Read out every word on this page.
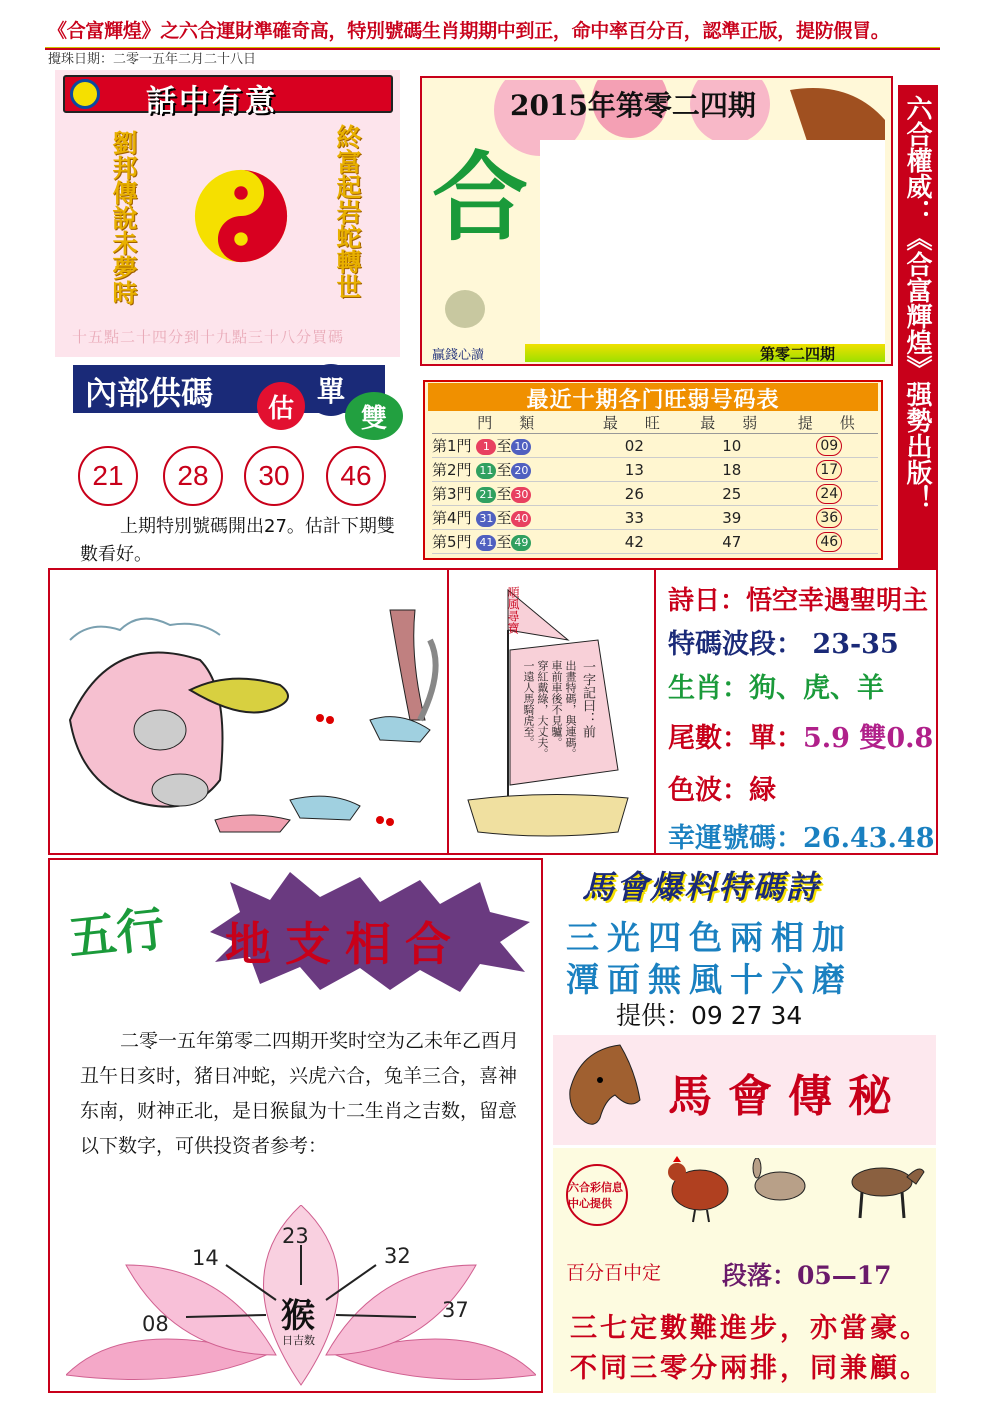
《合富輝煌》之六合運財準確奇高，特別號碼生肖期期中到正，命中率百分百，認準正版，提防假冒。
攪珠日期：二零一五年二月二十八日
話中有意
劉邦傳說未夢時	終富起岩蛇轉世
十五點二十四分到十九點三十八分買碼
內部供碼	估
單
雙
21	28	30	46
上期特別號碼開出27。估計下期雙數看好。
2015年第零二四期
合
贏錢心讀	第零二四期	六合權威：《合富輝煌》强勢出版！
最近十期各门旺弱号码表
門　類	最　旺	最　弱	提　供
第1門 1 至 10	02	10	09
第2門 11 至 20	13	18	17
第3門 21 至 30	26	25	24
第4門 31 至 40	33	39	36
第5門 41 至 49	42	47	46
順風尋寶
一字記曰：前
出畫特碼，與連碼。
車前車後不見驢。
穿紅戴綠，大丈夫。
一遠人馬騎虎至。
詩日：悟空幸遇聖明主
特碼波段： 23-35
生肖：狗、虎、羊
尾數：單：5.9 雙0.8
色波：緑
幸運號碼：26.43.48
五行 地支相合
二零一五年第零二四期开奖时空为乙未年乙酉月丑午日亥时，猪日冲蛇，兴虎六合，兔羊三合，喜神东南，财神正北，是日猴鼠为十二生肖之吉数，留意以下数字，可供投资者参考：
23
14	32
08
37
猴
日吉数
馬會爆料特碼詩
三光四色兩相加
潭面無風十六磨
提供：09 27 34
馬會傳秘
六合彩信息中心提供
百分百中定 段落：05—17
三七定數難進步，亦當豪。
不同三零分兩排，同兼顧。
